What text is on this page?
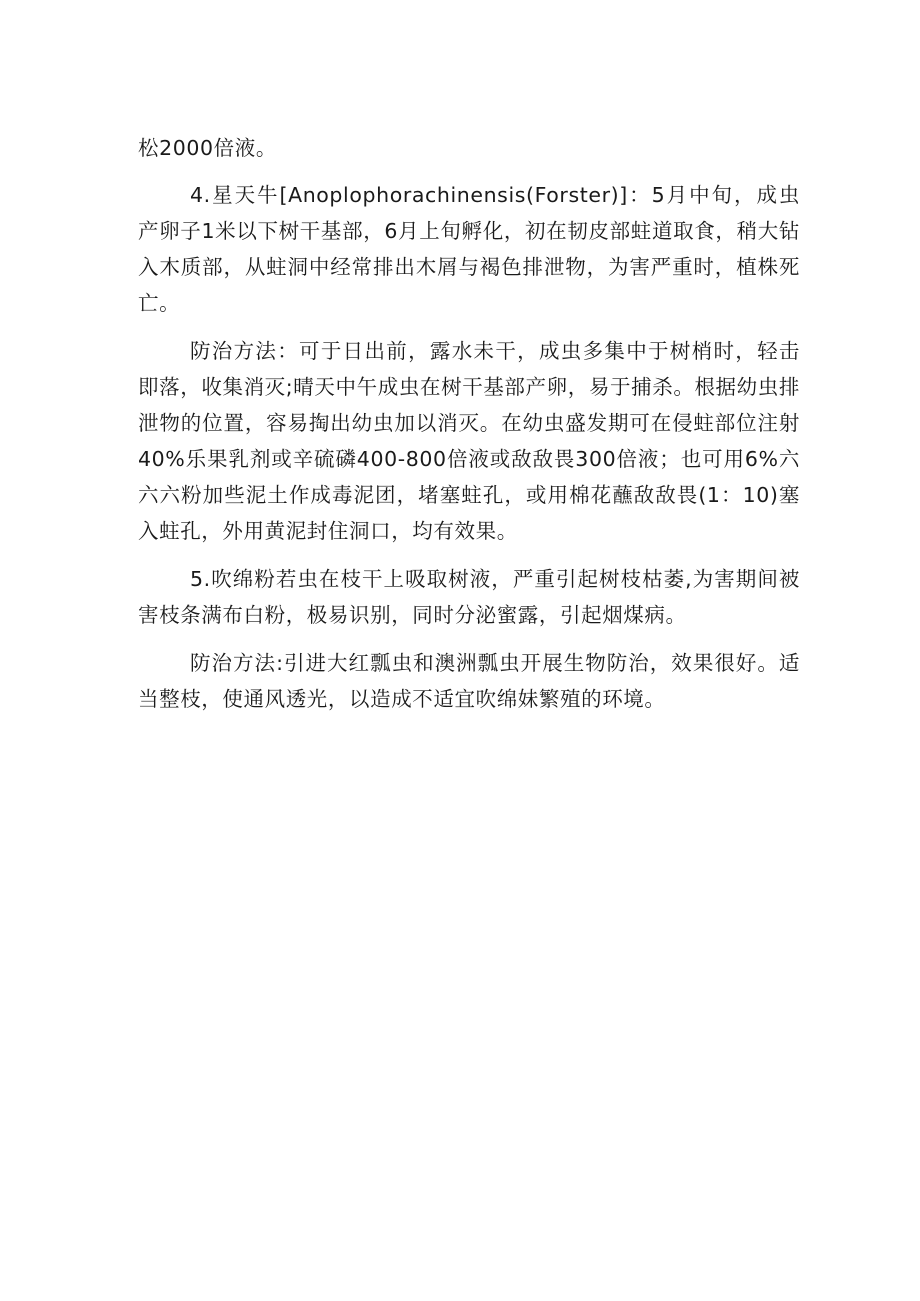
松2000倍液。

4.星天牛[Anoplophorachinensis(Forster)]：5月中旬，成虫产卵子1米以下树干基部，6月上旬孵化，初在韧皮部蛀道取食，稍大钻入木质部，从蛀洞中经常排出木屑与褐色排泄物，为害严重时，植株死亡。

防治方法：可于日出前，露水未干，成虫多集中于树梢时，轻击即落，收集消灭;晴天中午成虫在树干基部产卵，易于捕杀。根据幼虫排泄物的位置，容易掏出幼虫加以消灭。在幼虫盛发期可在侵蛀部位注射40%乐果乳剂或辛硫磷400-800倍液或敌敌畏300倍液；也可用6%六六六粉加些泥土作成毒泥团，堵塞蛀孔，或用棉花蘸敌敌畏(1：10)塞入蛀孔，外用黄泥封住洞口，均有效果。

5.吹绵粉若虫在枝干上吸取树液，严重引起树枝枯萎,为害期间被害枝条满布白粉，极易识别，同时分泌蜜露，引起烟煤病。

防治方法:引进大红瓢虫和澳洲瓢虫开展生物防治，效果很好。适当整枝，使通风透光，以造成不适宜吹绵妹繁殖的环境。
